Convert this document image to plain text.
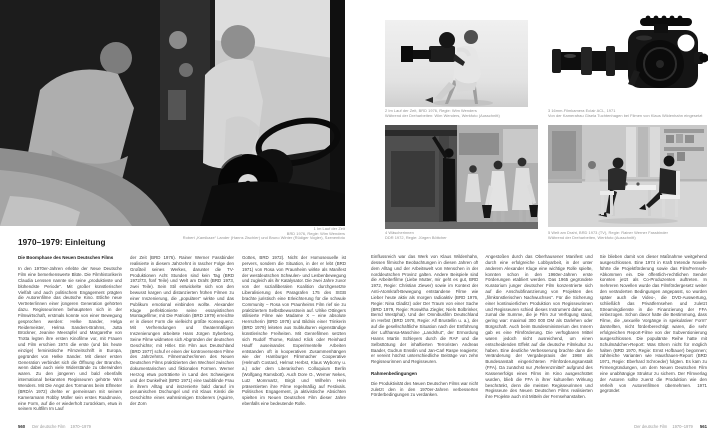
1 Im Lauf der Zeit
BRD 1976, Regie: Wim Wenders
Robert „Kamikaze“ Lander (Hanns Zischler) und Bruno Winter (Rüdiger Vogler), Szenenfoto
1970–1979: Einleitung
Die Boomphase des Neuen Deutschen Films

In den 1970er-Jahren erlebte der Neue Deutsche Film eine bemerkenswerte Blüte. Die Filmhistorikerin Claudia Lenssen nannte sie seine „produktivste und blühendste Periode“. Mit großer künstlerischer Vielfalt und auch politischem Engagement prägten die Autorenfilme das deutsche Kino. Etliche neue Vertreter/innen einer jüngeren Generation gehörten dazu. Regisseurinnen behaupteten sich in der Filmwirtschaft, erstmals konnte von einer Bewegung gesprochen werden: Helke Sander, Helga Reidemeister, Helma Sanders-Brahms, Jutta Brückner, Jeanine Meerapfel und Margarethe von Trotta legten ihre ersten Kinofilme vor, mit Frauen und Film erschien 1974 die erste (und bis heute einzige) feministische Filmzeitschrift in Europa, gegründet von Helke Sander. Mit dieser ersten Generation verbindet sich die Öffnung der Branche, wenn dabei auch viele Widerstände zu überwinden waren. Zu den jüngeren und bald ebenfalls international bekannten Regisseuren gehörte Wim Wenders. Mit Die Angst des Tormanns beim Elfmeter (BRD/A 1972) drehte er gemeinsam mit seinem Kameramann Robby Müller sein erstes Roadmovie, eine Form, auf die er wiederholt zurückkam, etwa in seinem Kultfilm Im Lauf

der Zeit (BRD 1976). Rainer Werner Fassbinder realisierte in diesem Jahrzehnt in rascher Folge den Großteil seines Werkes, darunter die TV-Produktionen Acht Stunden sind kein Tag (BRD 1972/73, fünf Teile) und Welt am Draht (BRD 1973, zwei Teile). Sein Stil entwickelte sich von den bewusst kargen und distanzierten frühen Filmen zu einer Inszenierung, die „populärer“ wirkte und das Publikum emotional einbinden wollte. Alexander Kluge perfektionierte seine essayistischen Montagefilme; mit Die Patriotin (BRD 1979) erreichte er in dieser Form die vielleicht größte Konsequenz. Mit Verfremdungen und theatermäßigen Inszenierungen arbeitete Hans Jürgen Syberberg. Seine Filme widmeten sich Abgründen der deutschen Geschichte; mit Hitler. Ein Film aus Deutschland (BRD 1977) schuf er einen der kontroversesten Filme des Jahrzehnts. Filmemacher/innen des Neuen Deutschen Films praktizierten den Wechsel zwischen dokumentarischen und fiktionalen Formen. Werner Herzog etwa porträtierte in Land des Schweigens und der Dunkelheit (BRD 1971) eine taubblinde Frau in ihrem Alltag und inszenierte bald darauf im peruanischen Dschungel und mit Klaus Kinski die Geschichte eines wahnsinnigen Eroberers (Aguirre, der Zorn

Gottes, BRD 1972). Nicht der Homosexuelle ist pervers, sondern die Situation, in der er lebt (BRD 1971) von Rosa von Praunheim wirkte als Manifest der westdeutschen Schwulen- und Lesbenbewegung und zugleich als ihr Katalysator. Die zwei Jahre zuvor von der sozialliberalen Koalition durchgesetzte Liberalisierung des Paragrafen 175 des StGB brachte juristisch eine Erleichterung für die schwule Community – Rosa von Praunheims Film rief sie zu praktiziertem Selbstbewusstsein auf. Ulrike Ottingers stilisierte Filme wie Madame X – eine absolute Herrscherin (BRD 1978) und Bildnis einer Trinkerin (BRD 1979) leiteten aus Subkulturen eigenständige künstlerische Freiheiten. Mit Genrefilmen setzten sich Rudolf Thome, Roland Klick oder Reinhard Hauff auseinander. Experimentelle Arbeiten entstanden oft in kooperativen Zusammenhängen wie der Hamburger Filmmacher Cooperative (Helmuth Costard, Helmut Herbst, Klaus Wyborny u. a.) oder dem Literarischen Colloquium Berlin (Wolfgang Ramsbott). Auch Dore O., Werner Nekes, Lutz Mommartz, Birgit und Wilhelm Hein präsentierten ihre Filme regelmäßig auf Festivals. Politisches Engagement, ja aktivistische Absichten spielten im Neuen Deutschen Film dieser Jahre ebenfalls eine bedeutende Rolle.

560 Der deutsche Film 1970–1979
2 Im Lauf der Zeit, BRD 1976, Regie: Wim Wenders
Während der Dreharbeiten: Wim Wenders, Werkfoto (Ausschnitt)
3 16mm-Filmkamera Eclair ACL, 1971
Von der Kamerafrau Gisela Tuchtenhagen bei Filmen von Klaus Wildenhahn eingesetzt
4 Wäscherinnen
DDR 1972, Regie: Jürgen Böttcher
5 Welt am Draht, BRD 1973 (TV), Regie: Rainer Werner Fassbinder
Während der Dreharbeiten, Werkfoto (Ausschnitt)

Einflussreich war das Werk von Klaus Wildenhahn, dessen filmische Beobachtungen in diesen Jahren oft dem Alltag und der Arbeitswelt von Menschen in der norddeutschen Provinz galten. Andere Beispiele sind die Arbeiterfilme (Liebe Mutter, mir geht es gut, BRD 1972, Regie: Christian Ziewer) sowie im Kontext der Anti-Atomkraft-Bewegung entstandene Filme wie Lieber heute aktiv als morgen radioaktiv (BRD 1976, Regie: Nina Gladitz) oder Der Traum von einer Sache (BRD 1979, Regie: Roswitha Ziegler, Niels Bolbrinker, Bernd Westphal). Und der Omnibusfilm Deutschland im Herbst (BRD 1978, Regie: Alf Brustellin u. a.), der auf die gesellschaftliche Situation nach der Entführung der Lufthansa-Maschine „Landshut“, der Ermordung Hanns Martin Schleyers durch die RAF und die Selbsttötung der inhaftierten Terroristen Andreas Baader, Gudrun Ensslin und Jan-Carl Raspe reagierte; er vereint höchst unterschiedliche Beiträge von zehn Regisseurinnen und Regisseuren.

Rahmenbedingungen

Die Produktivität des Neuen Deutschen Films war nicht zuletzt den in den 1970er-Jahren verbesserten Förderbedingungen zu verdanken.

Angestoßen durch das Oberhausener Manifest und durch eine erfolgreiche Lobbyarbeit, in der unter anderem Alexander Kluge eine wichtige Rolle spielte, konnten schon in den 1960er-Jahren erste Förderungen etabliert werden. Das 1965 gegründete Kuratorium junger deutscher Film konzentrierte sich auf die Anschubfinanzierung von Projekten des „filmkünstlerischen Nachwuchses“. Für die Sicherung einer kontinuierlichen Produktion von Regisseurinnen und Regisseuren schied dieses Instrument daher aus, zumal die Summe, die je Film zur Verfügung stand, gering war: maximal 300 000 DM als Darlehen oder Bürgschaft. Auch beim Bundesministerium des Innern gab es eine Filmförderung. Die verfügbaren Mittel waren jedoch nicht ausreichend, um einen entscheidenden Effekt auf die deutsche Filmkultur zu haben. Eine deutliche Verbesserung brachte dann die Veränderung der Vergabepraxis der 1968 als Bundesanstalt eingerichteten Filmförderungsanstalt (FFA). Da zunächst nur „Referenzmittel“ aufgrund des Kassenerfolgs eines Films im Kino ausgeschüttet wurden, blieb die FFA in ihrer kulturellen Wirkung beschränkt, denn die meisten Regisseurinnen und Regisseure des Neuen Deutschen Films realisierten ihre Projekte auch mit Mitteln der Fernsehanstalten.

Sie blieben damit von dieser Maßnahme weitgehend ausgeschlossen. Eine 1974 in Kraft tretende Novelle führte die Projektförderung sowie das Film/Fernseh-Abkommen ein. Die öffentlich-rechtlichen Sender konnten jetzt als Co-Produzenten auftreten. In mehreren Novellen wurde das Filmfördergesetz weiter den veränderten Bedingungen angepasst, so wurden später auch die Video-, die DVD-Auswertung, schließlich das Privatfernsehen und zuletzt Streamingdienste in die Finanzierung der FFA einbezogen. Schon davor hatte die Bestimmung, dass Filme, die „sexuelle Vorgänge in spekulativer Form“ darstellten, nicht förderberechtigt waren, die sehr erfolgreichen Report-Filme von der Subventionierung ausgeschlossen. Die populärste Reihe hatte mit Schulmädchen-Report: Was Eltern nicht für möglich halten (BRD 1970, Regie: Ernst Hofbauer) begonnen; zahlreiche Varianten wie Hausfrauen-Report (BRD 1971, Regie: Eberhard Schroeder) folgten. Es kam zu Firmengründungen, um dem Neuen Deutschen Film eine unabhängige Struktur zu sichern. Der Filmverlag der Autoren sollte zuerst die Produktion wie den Verleih von Autorenfilmen übernehmen. 1971 gegründet

Der deutsche Film 1970–1979 561
